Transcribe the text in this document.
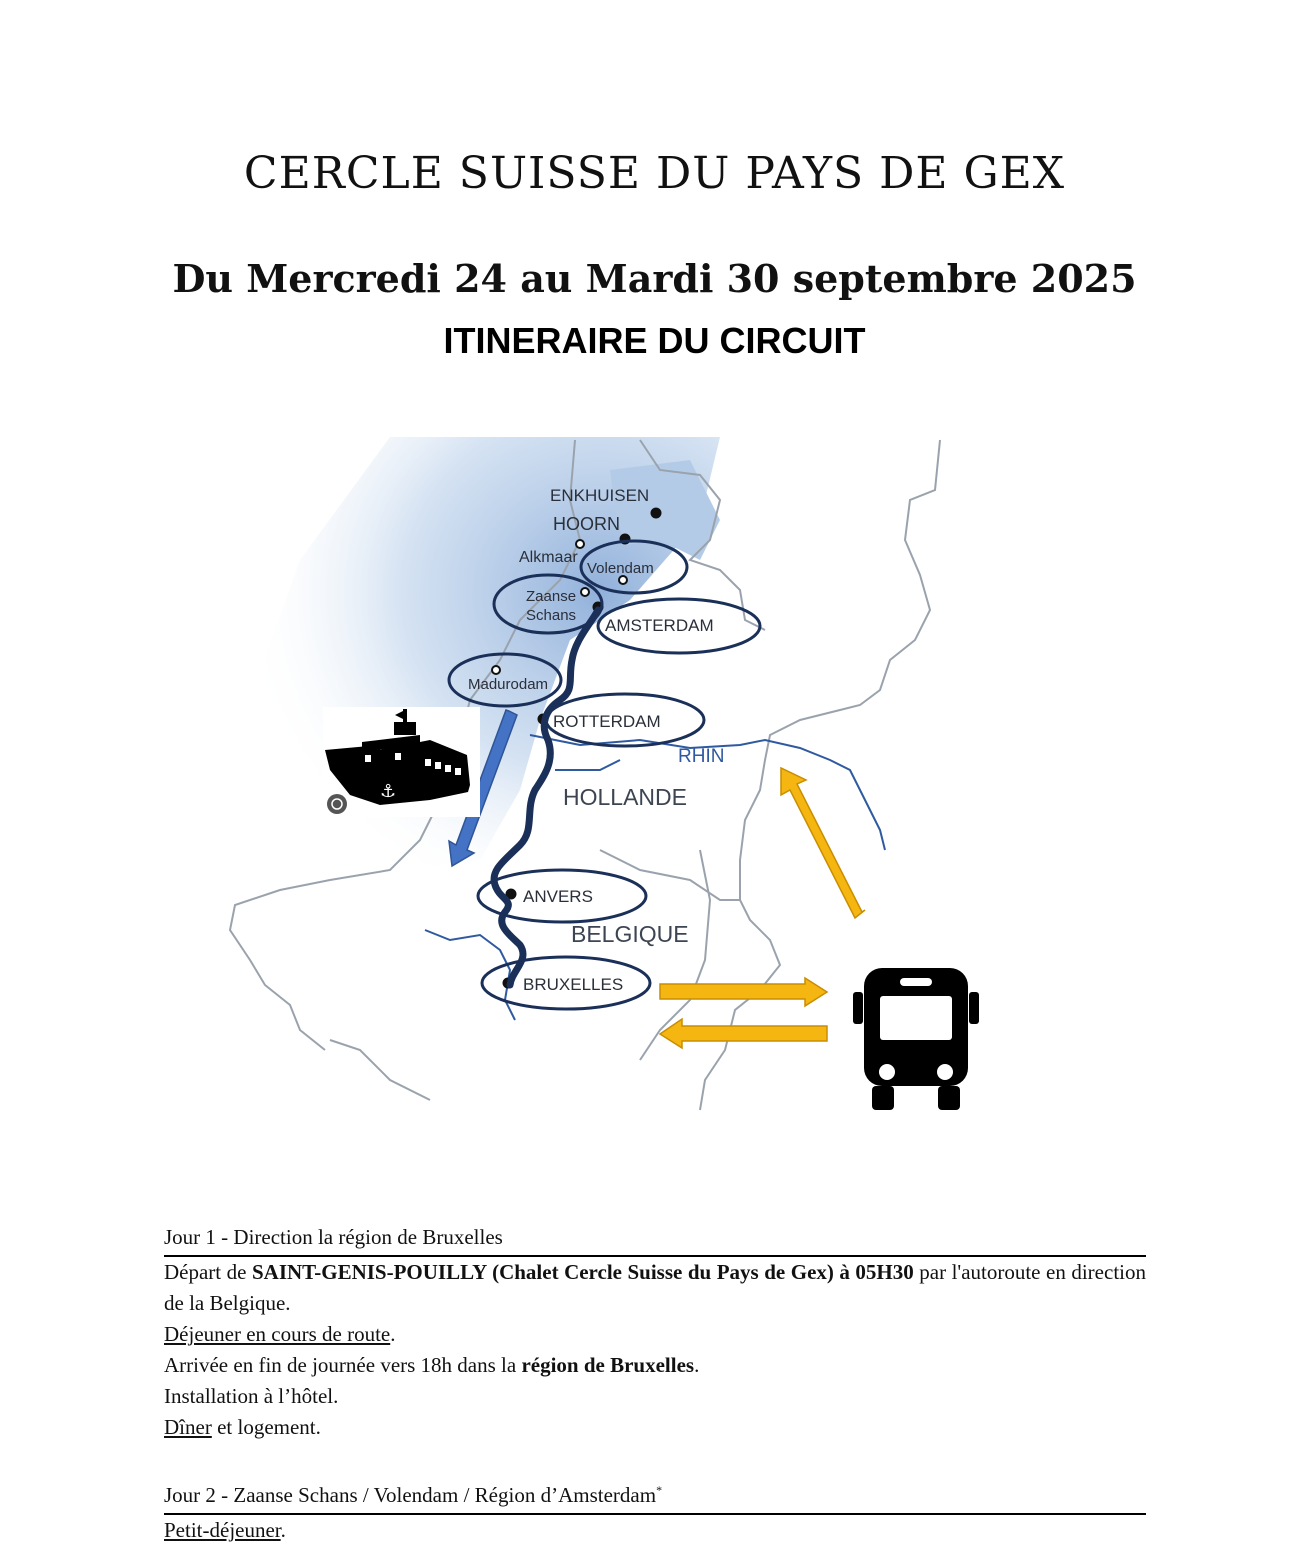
CERCLE SUISSE DU PAYS DE GEX
Du Mercredi 24 au Mardi 30 septembre 2025
ITINERAIRE DU CIRCUIT
ENKHUISEN
HOORN
Alkmaar
Volendam
Zaanse
Schans
AMSTERDAM
Madurodam
ROTTERDAM
RHIN
HOLLANDE
ANVERS
BELGIQUE
BRUXELLES
⚓
Jour 1 - Direction la région de Bruxelles

Départ de SAINT-GENIS-POUILLY (Chalet Cercle Suisse du Pays de Gex) à 05H30 par l'autoroute en direction de la Belgique.

Déjeuner en cours de route.

Arrivée en fin de journée vers 18h dans la région de Bruxelles.

Installation à l’hôtel.

Dîner et logement.

Jour 2 - Zaanse Schans / Volendam / Région d’Amsterdam*

Petit-déjeuner.
